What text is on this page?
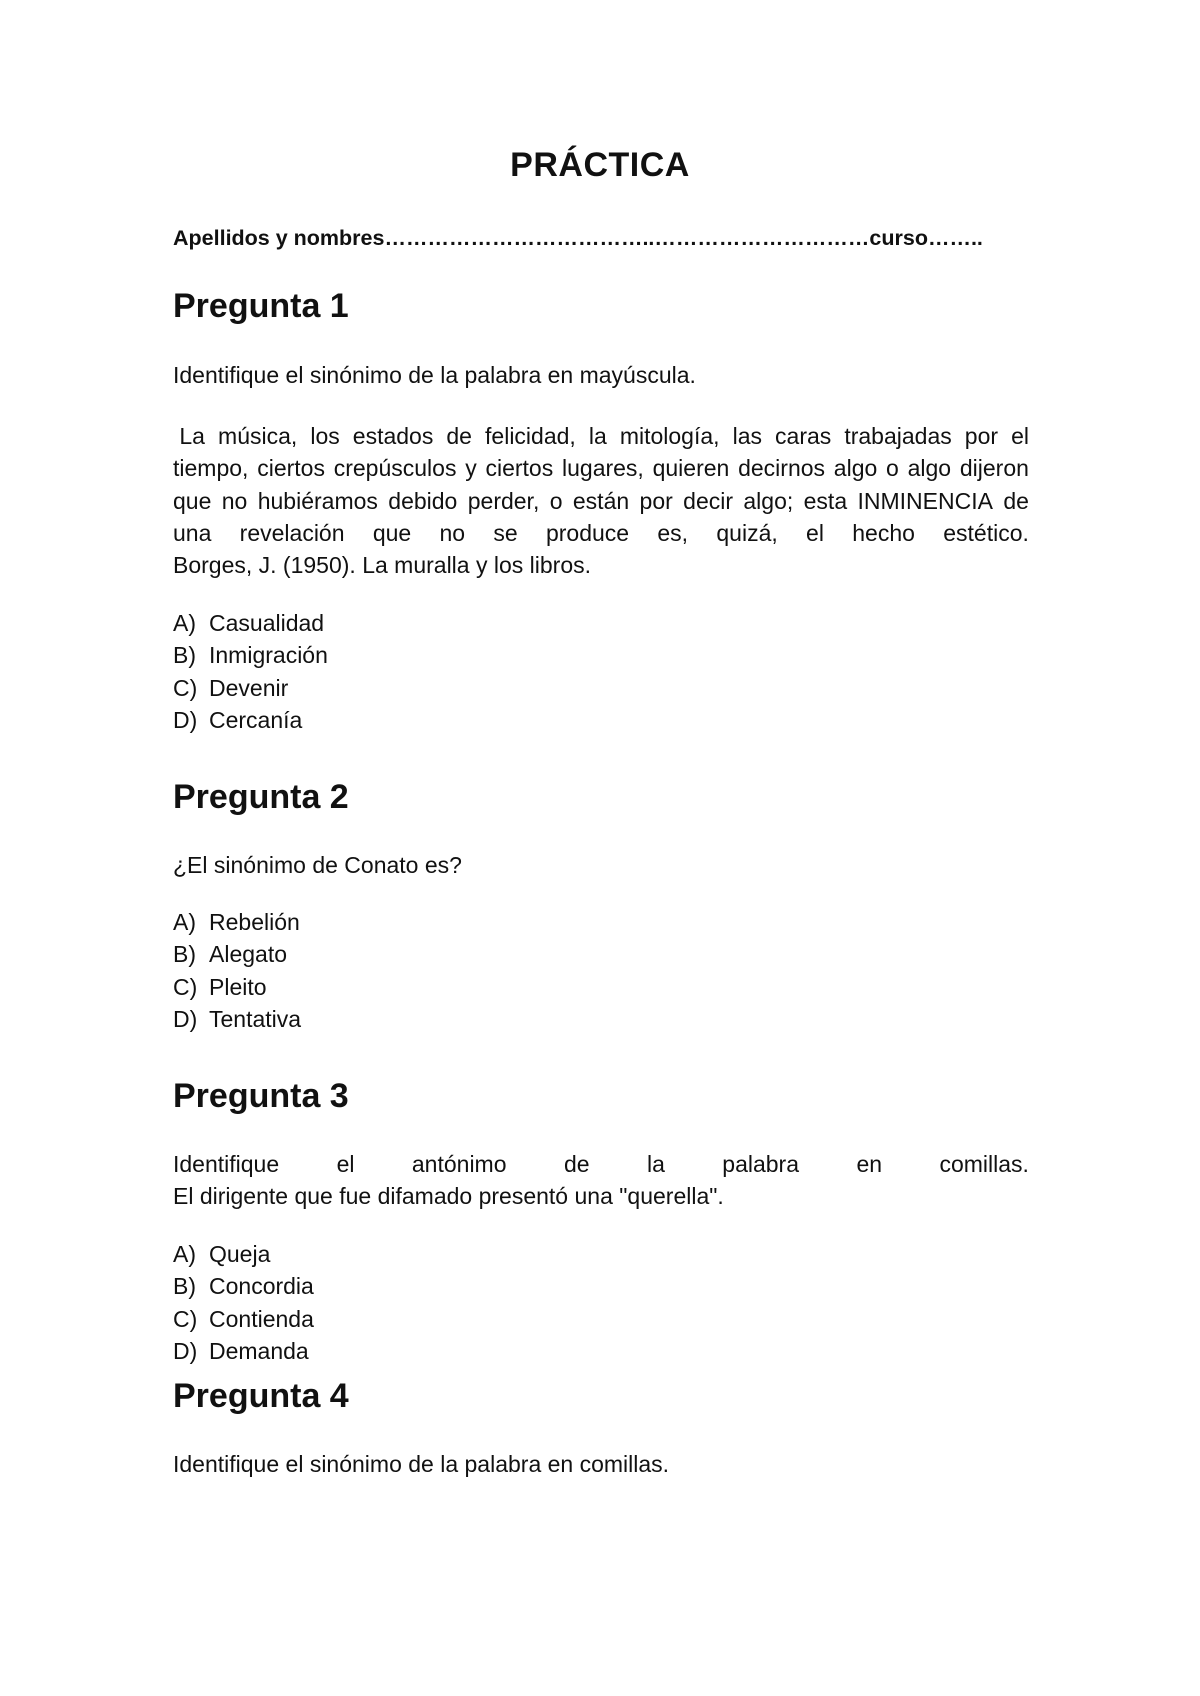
PRÁCTICA
Apellidos y nombres………………………………..…………………………curso……..
Pregunta 1
Identifique el sinónimo de la palabra en mayúscula.
La música, los estados de felicidad, la mitología, las caras trabajadas por el
tiempo, ciertos crepúsculos y ciertos lugares, quieren decirnos algo o algo dijeron
que no hubiéramos debido perder, o están por decir algo; esta INMINENCIA de
una revelación que no se produce es, quizá, el hecho estético.
Borges, J. (1950). La muralla y los libros.
A) Casualidad
B) Inmigración
C) Devenir
D) Cercanía
Pregunta 2
¿El sinónimo de Conato es?
A) Rebelión
B) Alegato
C) Pleito
D) Tentativa
Pregunta 3
Identifique el antónimo de la palabra en comillas.
El dirigente que fue difamado presentó una "querella".
A) Queja
B) Concordia
C) Contienda
D) Demanda
Pregunta 4
Identifique el sinónimo de la palabra en comillas.
